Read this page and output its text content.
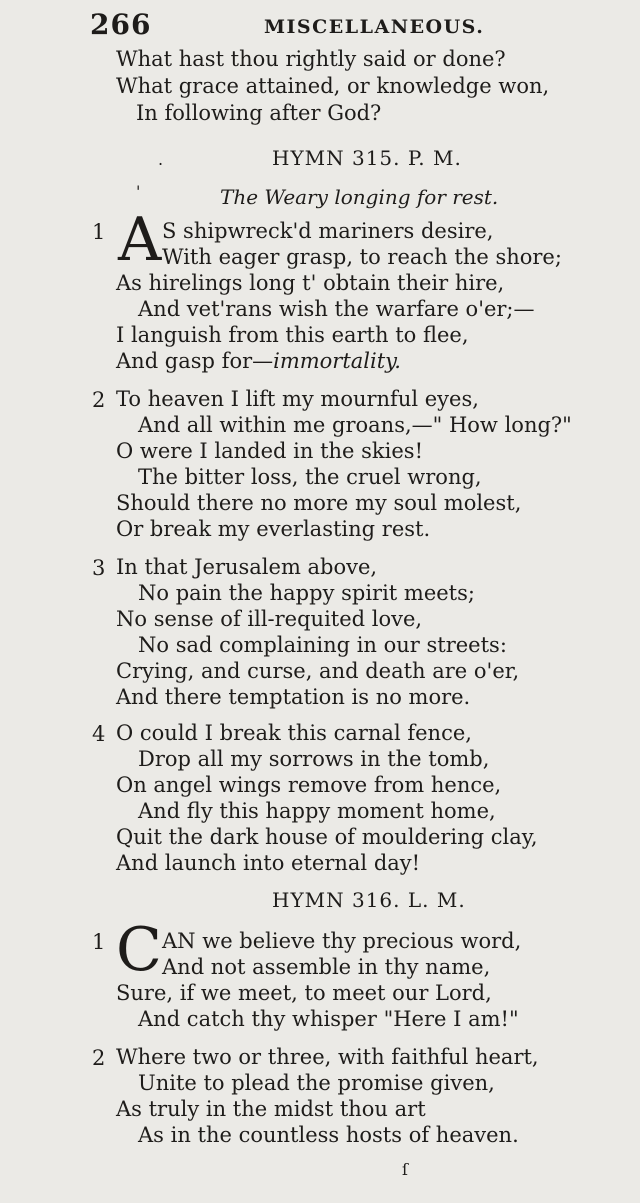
266	MISCELLANEOUS.
What hast thou rightly said or done?
What grace attained, or knowledge won,
In following after God?
.	HYMN 315. P. M.
'	The Weary longing for rest.
1 A S shipwreck'd mariners desire,
With eager grasp, to reach the shore;
As hirelings long t' obtain their hire,
And vet'rans wish the warfare o'er;—
I languish from this earth to flee,
And gasp for—immortality.
2 To heaven I lift my mournful eyes,
And all within me groans,—" How long?"
O were I landed in the skies!
The bitter loss, the cruel wrong,
Should there no more my soul molest,
Or break my everlasting rest.
3 In that Jerusalem above,
No pain the happy spirit meets;
No sense of ill-requited love,
No sad complaining in our streets:
Crying, and curse, and death are o'er,
And there temptation is no more.
4 O could I break this carnal fence,
Drop all my sorrows in the tomb,
On angel wings remove from hence,
And fly this happy moment home,
Quit the dark house of mouldering clay,
And launch into eternal day!
HYMN 316. L. M.
1 C AN we believe thy precious word,
And not assemble in thy name,
Sure, if we meet, to meet our Lord,
And catch thy whisper "Here I am!"
2 Where two or three, with faithful heart,
Unite to plead the promise given,
As truly in the midst thou art
As in the countless hosts of heaven.
ſ
